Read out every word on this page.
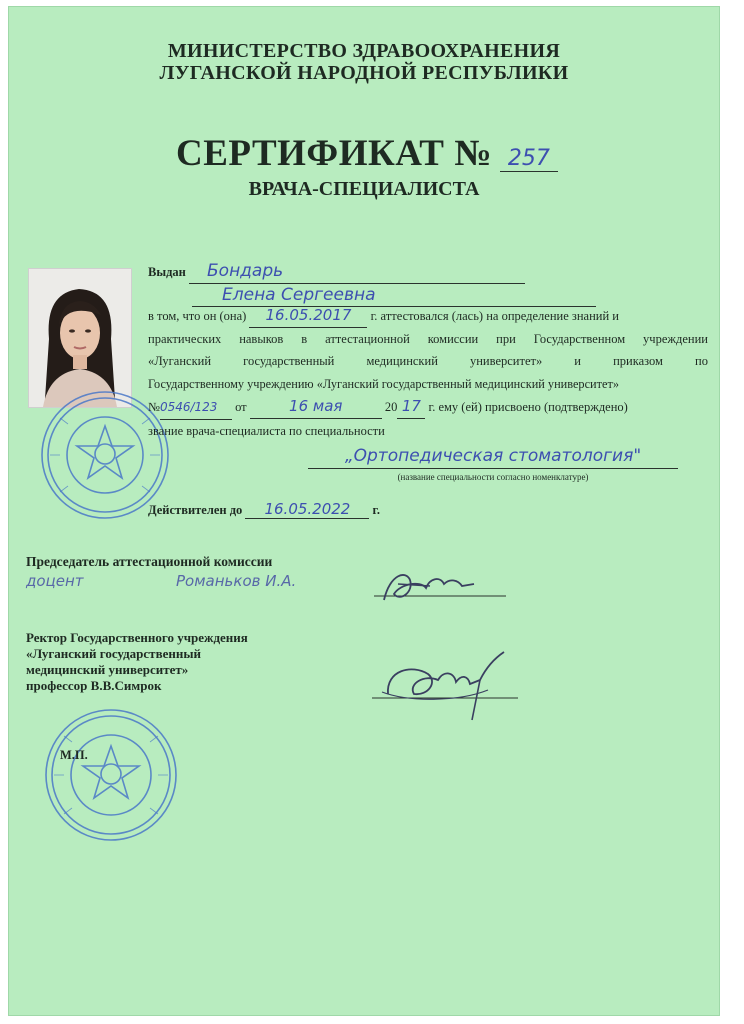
МИНИСТЕРСТВО ЗДРАВООХРАНЕНИЯ
ЛУГАНСКОЙ НАРОДНОЙ РЕСПУБЛИКИ
СЕРТИФИКАТ № 257
ВРАЧА-СПЕЦИАЛИСТА
Выдан Бондарь
Елена Сергеевна
в том, что он (она) 16.05.2017 г. аттестовался (лась) на определение знаний и
практических навыков в аттестационной комиссии при Государственном учреждении
«Луганский государственный медицинский университет» и приказом по
Государственному учреждению «Луганский государственный медицинский университет»
№0546/123 от	16 мая	20 17 г. ему (ей) присвоено (подтверждено)
звание врача-специалиста по специальности
„Ортопедическая стоматология"
(название специальности согласно номенклатуре)
Действителен до 16.05.2022 г.
Председатель аттестационной комиссии
доцент	Романьков И.А.
Ректор Государственного учреждения
«Луганский государственный
медицинский университет»
профессор В.В.Симрок
М.П.
